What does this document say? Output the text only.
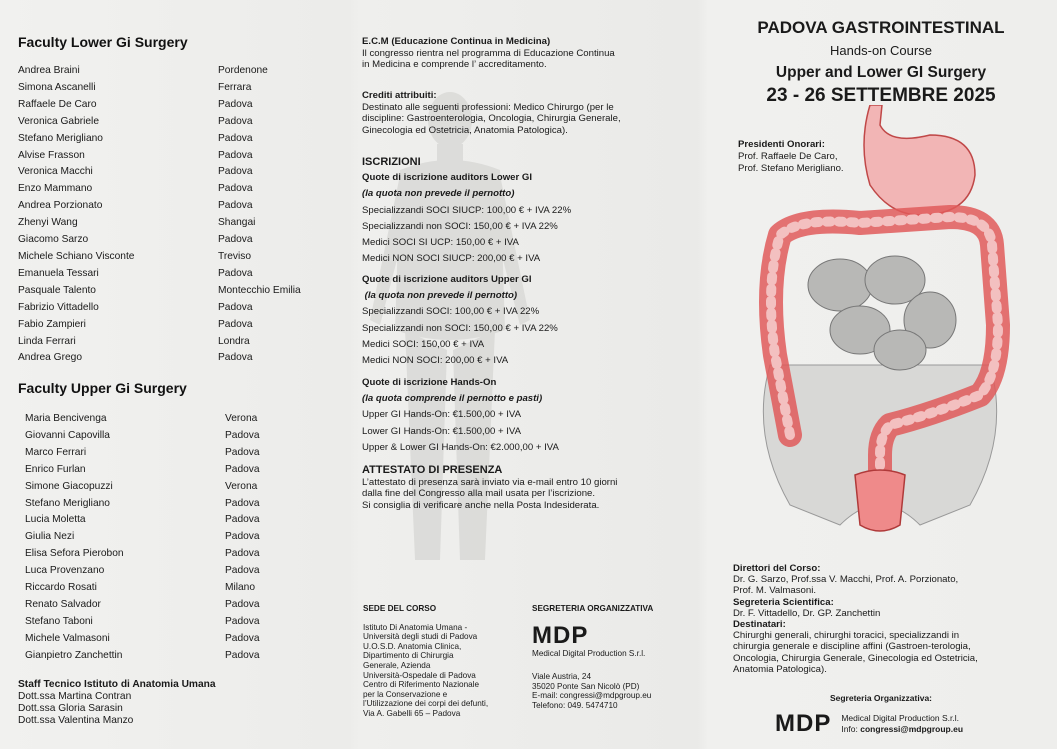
Faculty Lower Gi Surgery
Andrea Braini	Pordenone
Simona Ascanelli	Ferrara
Raffaele De Caro	Padova
Veronica Gabriele	Padova
Stefano Merigliano	Padova
Alvise Frasson	Padova
Veronica Macchi	Padova
Enzo Mammano	Padova
Andrea Porzionato	Padova
Zhenyi Wang	Shangai
Giacomo Sarzo	Padova
Michele Schiano Visconte	Treviso
Emanuela Tessari	Padova
Pasquale Talento	Montecchio Emilia
Fabrizio Vittadello	Padova
Fabio Zampieri	Padova
Linda Ferrari	Londra
Andrea Grego	Padova
Faculty Upper Gi Surgery
Maria Bencivenga	Verona
Giovanni Capovilla	Padova
Marco Ferrari	Padova
Enrico Furlan	Padova
Simone Giacopuzzi	Verona
Stefano Merigliano	Padova
Lucia Moletta	Padova
Giulia Nezi	Padova
Elisa Sefora Pierobon	Padova
Luca Provenzano	Padova
Riccardo Rosati	Milano
Renato Salvador	Padova
Stefano Taboni	Padova
Michele Valmasoni	Padova
Gianpietro Zanchettin	Padova
Staff Tecnico Istituto di Anatomia Umana
Dott.ssa Martina Contran
Dott.ssa Gloria Sarasin
Dott.ssa Valentina Manzo
E.C.M (Educazione Continua in Medicina)
Il congresso rientra nel programma di Educazione Continua
in Medicina e comprende l’ accreditamento.
Crediti attribuiti:
Destinato alle seguenti professioni: Medico Chirurgo (per le
discipline: Gastroenterologia, Oncologia, Chirurgia Generale,
Ginecologia ed Ostetricia, Anatomia Patologica).
ISCRIZIONI
Quote di iscrizione auditors Lower GI
(la quota non prevede il pernotto)
Specializzandi SOCI SIUCP: 100,00 € + IVA 22%
Specializzandi non SOCI: 150,00 € + IVA 22%
Medici SOCI SI UCP: 150,00 € + IVA
Medici NON SOCI SIUCP: 200,00 € + IVA
Quote di iscrizione auditors Upper GI
(la quota non prevede il pernotto)
Specializzandi SOCI: 100,00 € + IVA 22%
Specializzandi non SOCI: 150,00 € + IVA 22%
Medici SOCI: 150,00 € + IVA
Medici NON SOCI: 200,00 € + IVA
Quote di iscrizione Hands-On
(la quota comprende il pernotto e pasti)
Upper GI Hands-On: €1.500,00 + IVA
Lower GI Hands-On: €1.500,00 + IVA
Upper & Lower GI Hands-On: €2.000,00 + IVA
ATTESTATO DI PRESENZA
L’attestato di presenza sarà inviato via e-mail entro 10 giorni
dalla fine del Congresso alla mail usata per l’iscrizione.
Si consiglia di verificare anche nella Posta Indesiderata.
SEDE DEL CORSO
Istituto Di Anatomia Umana -
Università degli studi di Padova
U.O.S.D. Anatomia Clinica,
Dipartimento di Chirurgia
Generale, Azienda
Università-Ospedale di Padova
Centro di Riferimento Nazionale
per la Conservazione e
l’Utilizzazione dei corpi dei defunti,
Via A. Gabelli 65 – Padova
SEGRETERIA ORGANIZZATIVA
MDP
Medical Digital Production S.r.l.
Viale Austria, 24
35020 Ponte San Nicolò (PD)
E-mail: congressi@mdpgroup.eu
Telefono: 049. 5474710
PADOVA GASTROINTESTINAL
Hands-on Course
Upper and Lower GI Surgery
23 - 26 SETTEMBRE 2025
Presidenti Onorari:
Prof. Raffaele De Caro,
Prof. Stefano Merigliano.
Direttori del Corso:
Dr. G. Sarzo, Prof.ssa V. Macchi, Prof. A. Porzionato,
Prof. M. Valmasoni.
Segreteria Scientifica:
Dr. F. Vittadello, Dr. GP. Zanchettin
Destinatari:
Chirurghi generali, chirurghi toracici, specializzandi in
chirurgia generale e discipline affini (Gastroen-terologia,
Oncologia, Chirurgia Generale, Ginecologia ed Ostetricia,
Anatomia Patologica).
Segreteria Organizzativa:
MDP Medical Digital Production S.r.l.
Info: congressi@mdpgroup.eu
